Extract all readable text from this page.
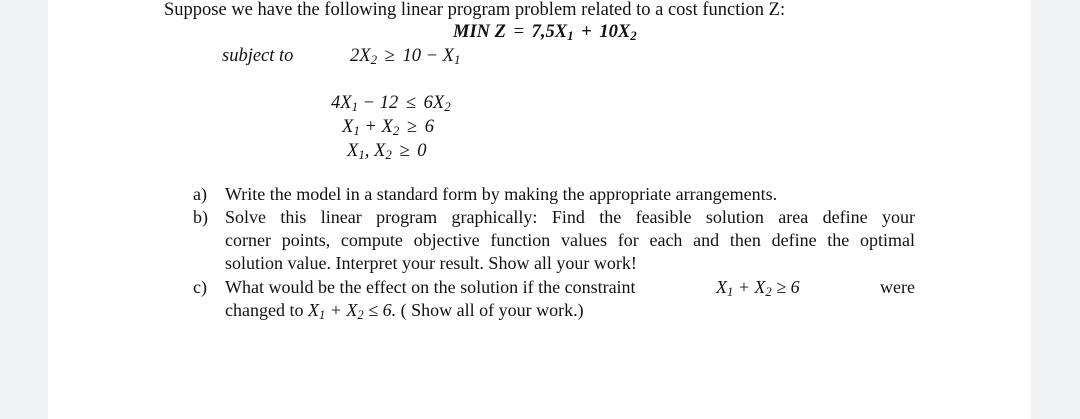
Suppose we have the following linear program problem related to a cost function Z:
MIN $Z = 7,5X_1 + 10X_2$
subject to	$2X_2 \ge 10 - X_1$
$4X_1 - 12 \le 6X_2$
$X_1 + X_2 \ge 6$
$X_1$, $X_2 \ge 0$
a) Write the model in a standard form by making the appropriate arrangements.
b) Solve this linear program graphically: Find the feasible solution area define your
corner points, compute objective function values for each and then define the optimal
solution value. Interpret your result. Show all your work!
c) What would be the effect on the solution if the constraint	$X_1 + X_2 \ge 6$	were
changed to $X_1 + X_2 \le 6$. ( Show all of your work.)
